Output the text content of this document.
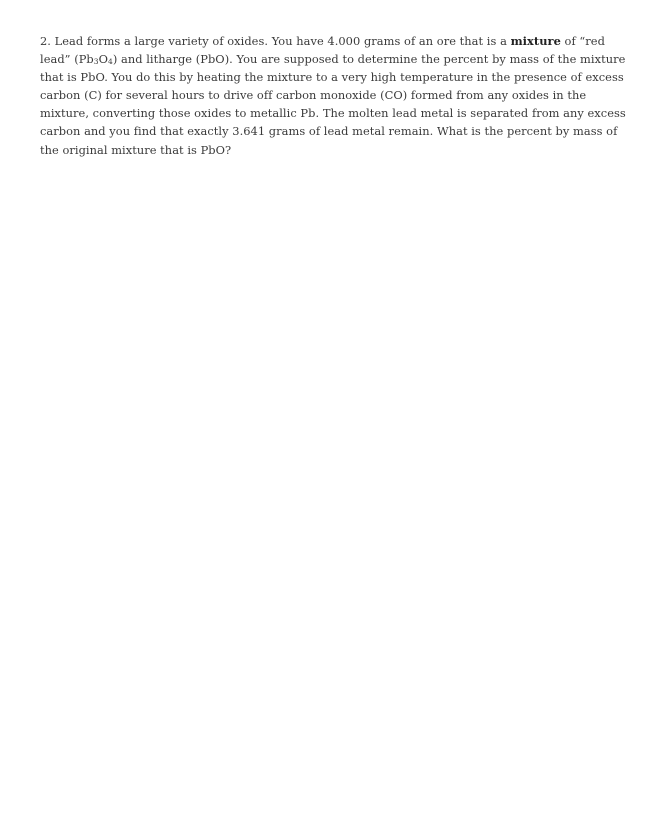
2. Lead forms a large variety of oxides. You have 4.000 grams of an ore that is a mixture of “red lead” $(Pb_3O_4)$ and litharge (PbO). You are supposed to determine the percent by mass of the mixture that is PbO. You do this by heating the mixture to a very high temperature in the presence of excess carbon (C) for several hours to drive off carbon monoxide (CO) formed from any oxides in the mixture, converting those oxides to metallic Pb. The molten lead metal is separated from any excess carbon and you find that exactly 3.641 grams of lead metal remain. What is the percent by mass of the original mixture that is PbO?
